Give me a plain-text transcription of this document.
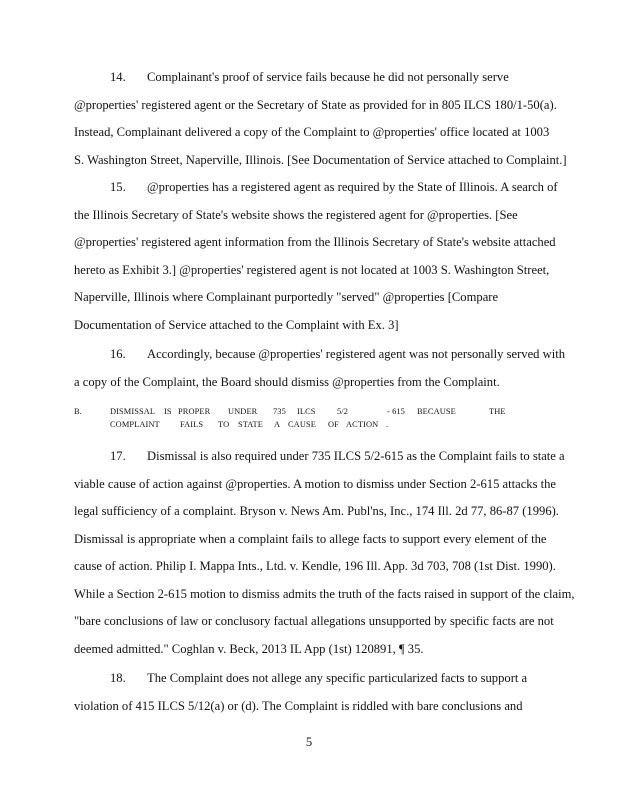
14. Complainant's proof of service fails because he did not personally serve
@properties' registered agent or the Secretary of State as provided for in 805 ILCS 180/1-50(a).
Instead, Complainant delivered a copy of the Complaint to @properties' office located at 1003
S. Washington Street, Naperville, Illinois. [See Documentation of Service attached to Complaint.]
15. @properties has a registered agent as required by the State of Illinois. A search of
the Illinois Secretary of State's website shows the registered agent for @properties. [See
@properties' registered agent information from the Illinois Secretary of State's website attached
hereto as Exhibit 3.] @properties' registered agent is not located at 1003 S. Washington Street,
Naperville, Illinois where Complainant purportedly "served" @properties [Compare
Documentation of Service attached to the Complaint with Ex. 3]
16. Accordingly, because @properties' registered agent was not personally served with
a copy of the Complaint, the Board should dismiss @properties from the Complaint.
B.	DISMISSAL IS PROPER UNDER 735 ILCS	5/2	- 615 BECAUSE	THE
COMPLAINT FAILS TO STATE A CAUSE OF ACTION .
17. Dismissal is also required under 735 ILCS 5/2-615 as the Complaint fails to state a
viable cause of action against @properties. A motion to dismiss under Section 2-615 attacks the
legal sufficiency of a complaint. Bryson v. News Am. Publ'ns, Inc., 174 Ill. 2d 77, 86-87 (1996).
Dismissal is appropriate when a complaint fails to allege facts to support every element of the
cause of action. Philip I. Mappa Ints., Ltd. v. Kendle, 196 Ill. App. 3d 703, 708 (1st Dist. 1990).
While a Section 2-615 motion to dismiss admits the truth of the facts raised in support of the claim,
"bare conclusions of law or conclusory factual allegations unsupported by specific facts are not
deemed admitted." Coghlan v. Beck, 2013 IL App (1st) 120891, ¶ 35.
18. The Complaint does not allege any specific particularized facts to support a
violation of 415 ILCS 5/12(a) or (d). The Complaint is riddled with bare conclusions and
5
